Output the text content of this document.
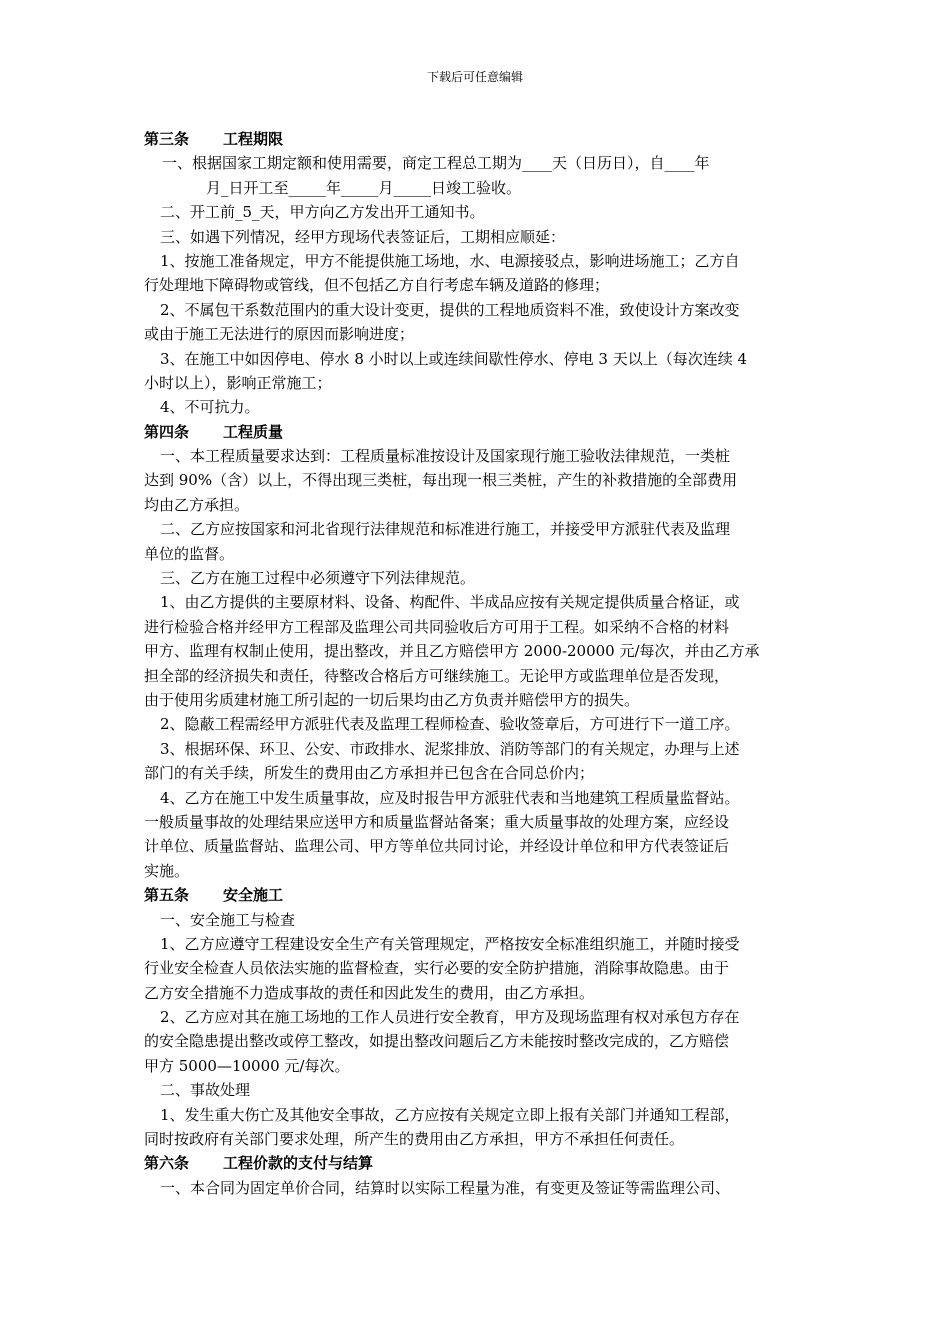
下载后可任意编辑
第三条 工程期限
一、根据国家工期定额和使用需要，商定工程总工期为____天（日历日），自____年
月_日开工至_____年_____月_____日竣工验收。
二、开工前_5_天，甲方向乙方发出开工通知书。
三、如遇下列情况，经甲方现场代表签证后，工期相应顺延：
1、按施工准备规定，甲方不能提供施工场地，水、电源接驳点，影响进场施工；乙方自
行处理地下障碍物或管线，但不包括乙方自行考虑车辆及道路的修理；
2、不属包干系数范围内的重大设计变更，提供的工程地质资料不准，致使设计方案改变
或由于施工无法进行的原因而影响进度；
3、在施工中如因停电、停水 8 小时以上或连续间歇性停水、停电 3 天以上（每次连续 4
小时以上），影响正常施工；
4、不可抗力。
第四条 工程质量
一、本工程质量要求达到：工程质量标准按设计及国家现行施工验收法律规范，一类桩
达到 90%（含）以上，不得出现三类桩，每出现一根三类桩，产生的补救措施的全部费用
均由乙方承担。
二、乙方应按国家和河北省现行法律规范和标准进行施工，并接受甲方派驻代表及监理
单位的监督。
三、乙方在施工过程中必须遵守下列法律规范。
1、由乙方提供的主要原材料、设备、构配件、半成品应按有关规定提供质量合格证，或
进行检验合格并经甲方工程部及监理公司共同验收后方可用于工程。如采纳不合格的材料
甲方、监理有权制止使用，提出整改，并且乙方赔偿甲方 2000-20000 元/每次，并由乙方承
担全部的经济损失和责任，待整改合格后方可继续施工。无论甲方或监理单位是否发现，
由于使用劣质建材施工所引起的一切后果均由乙方负责并赔偿甲方的损失。
2、隐蔽工程需经甲方派驻代表及监理工程师检查、验收签章后，方可进行下一道工序。
3、根据环保、环卫、公安、市政排水、泥浆排放、消防等部门的有关规定，办理与上述
部门的有关手续，所发生的费用由乙方承担并已包含在合同总价内；
4、乙方在施工中发生质量事故，应及时报告甲方派驻代表和当地建筑工程质量监督站。
一般质量事故的处理结果应送甲方和质量监督站备案；重大质量事故的处理方案，应经设
计单位、质量监督站、监理公司、甲方等单位共同讨论，并经设计单位和甲方代表签证后
实施。
第五条 安全施工
一、安全施工与检查
1、乙方应遵守工程建设安全生产有关管理规定，严格按安全标准组织施工，并随时接受
行业安全检查人员依法实施的监督检查，实行必要的安全防护措施，消除事故隐患。由于
乙方安全措施不力造成事故的责任和因此发生的费用，由乙方承担。
2、乙方应对其在施工场地的工作人员进行安全教育，甲方及现场监理有权对承包方存在
的安全隐患提出整改或停工整改，如提出整改问题后乙方未能按时整改完成的，乙方赔偿
甲方 5000—10000 元/每次。
二、事故处理
1、发生重大伤亡及其他安全事故，乙方应按有关规定立即上报有关部门并通知工程部，
同时按政府有关部门要求处理，所产生的费用由乙方承担，甲方不承担任何责任。
第六条 工程价款的支付与结算
一、本合同为固定单价合同，结算时以实际工程量为准，有变更及签证等需监理公司、
